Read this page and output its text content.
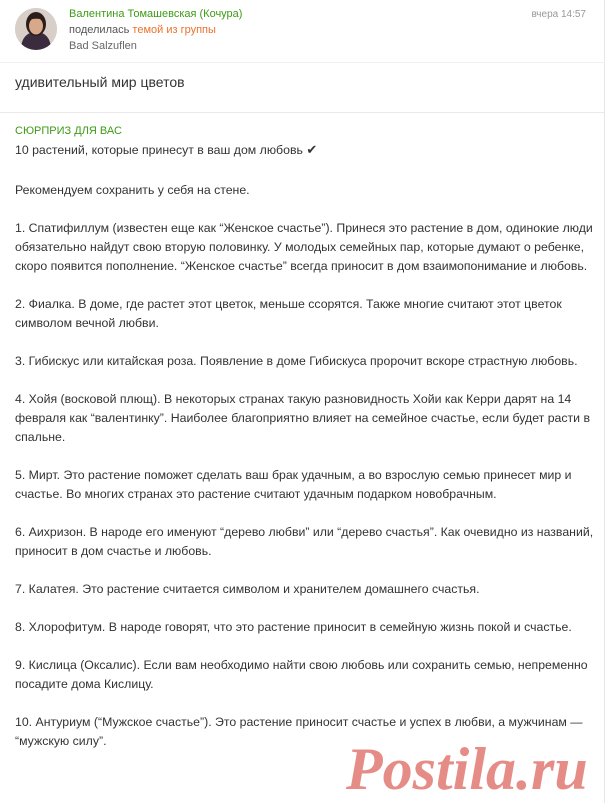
Валентина Томашевская (Кочура)
поделилась темой из группы
Bad Salzuflen
вчера 14:57
удивительный мир цветов

СЮРПРИЗ ДЛЯ ВАС

10 растений, которые принесут в ваш дом любовь ✔

Рекомендуем сохранить у себя на стене.

1. Спатифиллум (известен еще как “Женское счастье”). Принеся это растение в дом, одинокие люди обязательно найдут свою вторую половинку. У молодых семейных пар, которые думают о ребенке, скоро появится пополнение. “Женское счастье” всегда приносит в дом взаимопонимание и любовь.

2. Фиалка. В доме, где растет этот цветок, меньше ссорятся. Также многие считают этот цветок символом вечной любви.

3. Гибискус или китайская роза. Появление в доме Гибискуса пророчит вскоре страстную любовь.

4. Хойя (восковой плющ). В некоторых странах такую разновидность Хойи как Керри дарят на 14 февраля как “валентинку”. Наиболее благоприятно влияет на семейное счастье, если будет расти в спальне.

5. Мирт. Это растение поможет сделать ваш брак удачным, а во взрослую семью принесет мир и счастье. Во многих странах это растение считают удачным подарком новобрачным.

6. Аихризон. В народе его именуют “дерево любви” или “дерево счастья”. Как очевидно из названий, приносит в дом счастье и любовь.

7. Калатея. Это растение считается символом и хранителем домашнего счастья.

8. Хлорофитум. В народе говорят, что это растение приносит в семейную жизнь покой и счастье.

9. Кислица (Оксалис). Если вам необходимо найти свою любовь или сохранить семью, непременно посадите дома Кислицу.

10. Антуриум (“Мужское счастье”). Это растение приносит счастье и успех в любви, а мужчинам — “мужскую силу”.	Postila.ru
